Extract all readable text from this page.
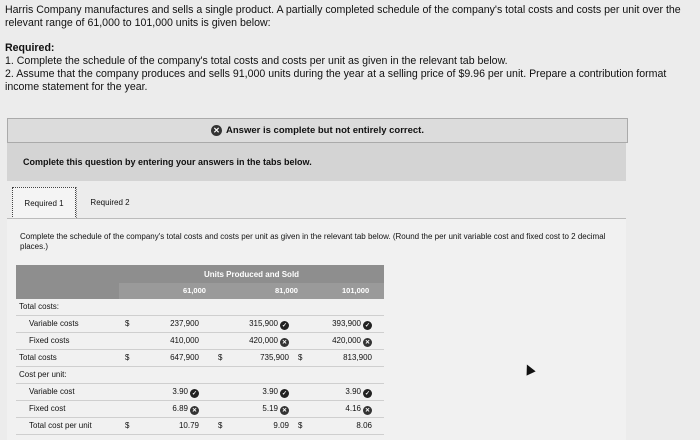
Harris Company manufactures and sells a single product. A partially completed schedule of the company's total costs and costs per unit over the relevant range of 61,000 to 101,000 units is given below:

Required:

1. Complete the schedule of the company's total costs and costs per unit as given in the relevant tab below.

2. Assume that the company produces and sells 91,000 units during the year at a selling price of $9.96 per unit. Prepare a contribution format income statement for the year.

✕ Answer is complete but not entirely correct.
Complete this question by entering your answers in the tabs below.
Required 1	Required 2
Complete the schedule of the company's total costs and costs per unit as given in the relevant tab below. (Round the per unit variable cost and fixed cost to 2 decimal places.)
Units Produced and Sold
61,000	81,000	101,000
Total costs:
Variable costs	$	237,900	315,900 ✓	393,900 ✓
Fixed costs	410,000	420,000 ✕	420,000 ✕
Total costs	$	647,900 $	735,900 $	813,900
Cost per unit:
Variable cost	3.90 ✓	3.90 ✓	3.90 ✓
Fixed cost	6.89 ✕	5.19 ✕	4.16 ✕
Total cost per unit	$	10.79 $	9.09 $	8.06
